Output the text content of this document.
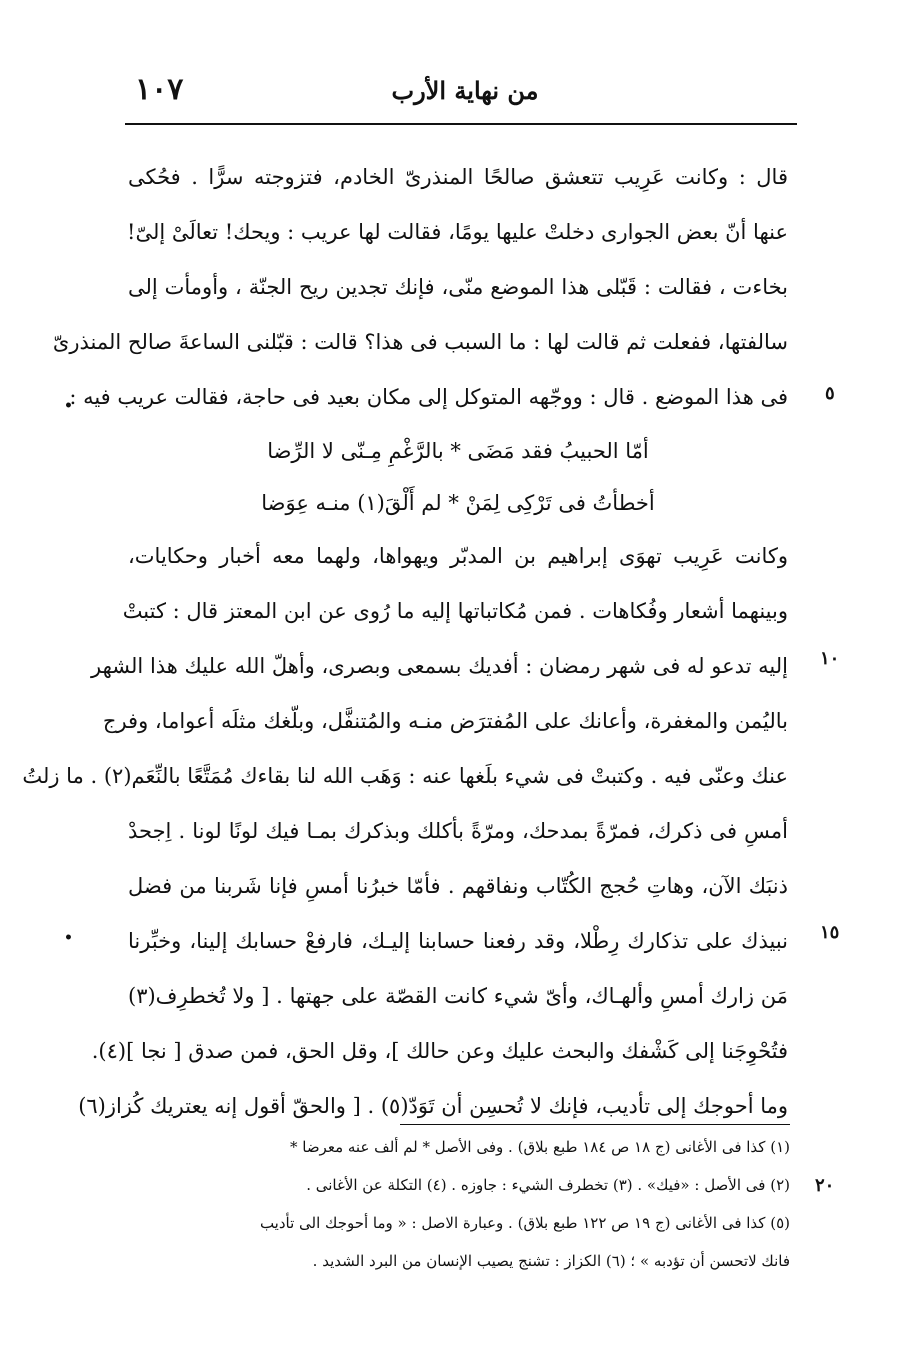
١٠٧	من نهاية الأرب
قال : وكانت عَرِيب تتعشق صالحًا المنذرىّ الخادم، فتزوجته سرًّا . فحُكى
عنها أنّ بعض الجوارى دخلتْ عليها يومًا، فقالت لها عريب : ويحك! تعالَىْ إلىّ!
بخاءت ، فقالت : قَبّلى هذا الموضع منّى، فإنك تجدين ريح الجنّة ، وأومأت إلى
سالفتها، ففعلت ثم قالت لها : ما السبب فى هذا؟ قالت : قبّلنى الساعةَ صالح المنذرىّ
فى هذا الموضع . قال : ووجّهه المتوكل إلى مكان بعيد فى حاجة، فقالت عريب فيه :
أمّا الحبيبُ فقد مَضَى * بالرَّغْمِ مِـنّى لا الرِّضا
أخطأتُ فى تَرْكِى لِمَنْ * لم أَلْقَ(١) منـه عِوَضا
وكانت عَرِيب تهوَى إبراهيم بن المدبّر ويهواها، ولهما معه أخبار وحكايات،
وبينهما أشعار وفُكاهات . فمن مُكاتباتها إليه ما رُوى عن ابن المعتز قال : كتبتْ
إليه تدعو له فى شهر رمضان : أفديك بسمعى وبصرى، وأهلّ الله عليك هذا الشهر
باليُمن والمغفرة، وأعانك على المُفترَض منـه والمُتنفَّل، وبلّغك مثلَه أعواما، وفرج
عنك وعنّى فيه . وكتبتْ فى شيء بلَغها عنه : وَهَب الله لنا بقاءك مُمَتَّعًا بالنِّعَم(٢) . ما زلتُ
أمسِ فى ذكرك، فمرّةً بمدحك، ومرّةً بأكلك وبذكرك بمـا فيك لونًا لونا . اِجحدْ
ذنبَك الآن، وهاتِ حُجج الكُتّاب ونفاقهم . فأمّا خبرُنا أمسِ فإنا شَربنا من فضل
نبيذك على تذكارك رِطْلا، وقد رفعنا حسابنا إليـك، فارفعْ حسابك إلينا، وخبِّرنا
مَن زارك أمسِ وألهـاك، وأىّ شيء كانت القصّة على جهتها . [ ولا تُخطرِف(٣)
فتُحْوِجَنا إلى كَشْفك والبحث عليك وعن حالك ]، وقل الحق، فمن صدق [ نجا ](٤).
وما أحوجك إلى تأديب، فإنك لا تُحسِن أن تَوَدّ(٥) . [ والحقّ أقول إنه يعتريك كُزاز(٦)
٥
١٠
١٥
٢٠
•
•
(١) كذا فى الأغانى (ج ١٨ ص ١٨٤ طبع بلاق) . وفى الأصل * لم ألف عنه معرضا *
(٢) فى الأصل : «فيك» . (٣) تخطرف الشيء : جاوزه . (٤) التكلة عن الأغانى .
(٥) كذا فى الأغانى (ج ١٩ ص ١٢٢ طبع بلاق) . وعبارة الاصل : « وما أحوجك الى تأديب
فانك لاتحسن أن تؤدبه » ؛ (٦) الكزاز : تشنج يصيب الإنسان من البرد الشديد .
